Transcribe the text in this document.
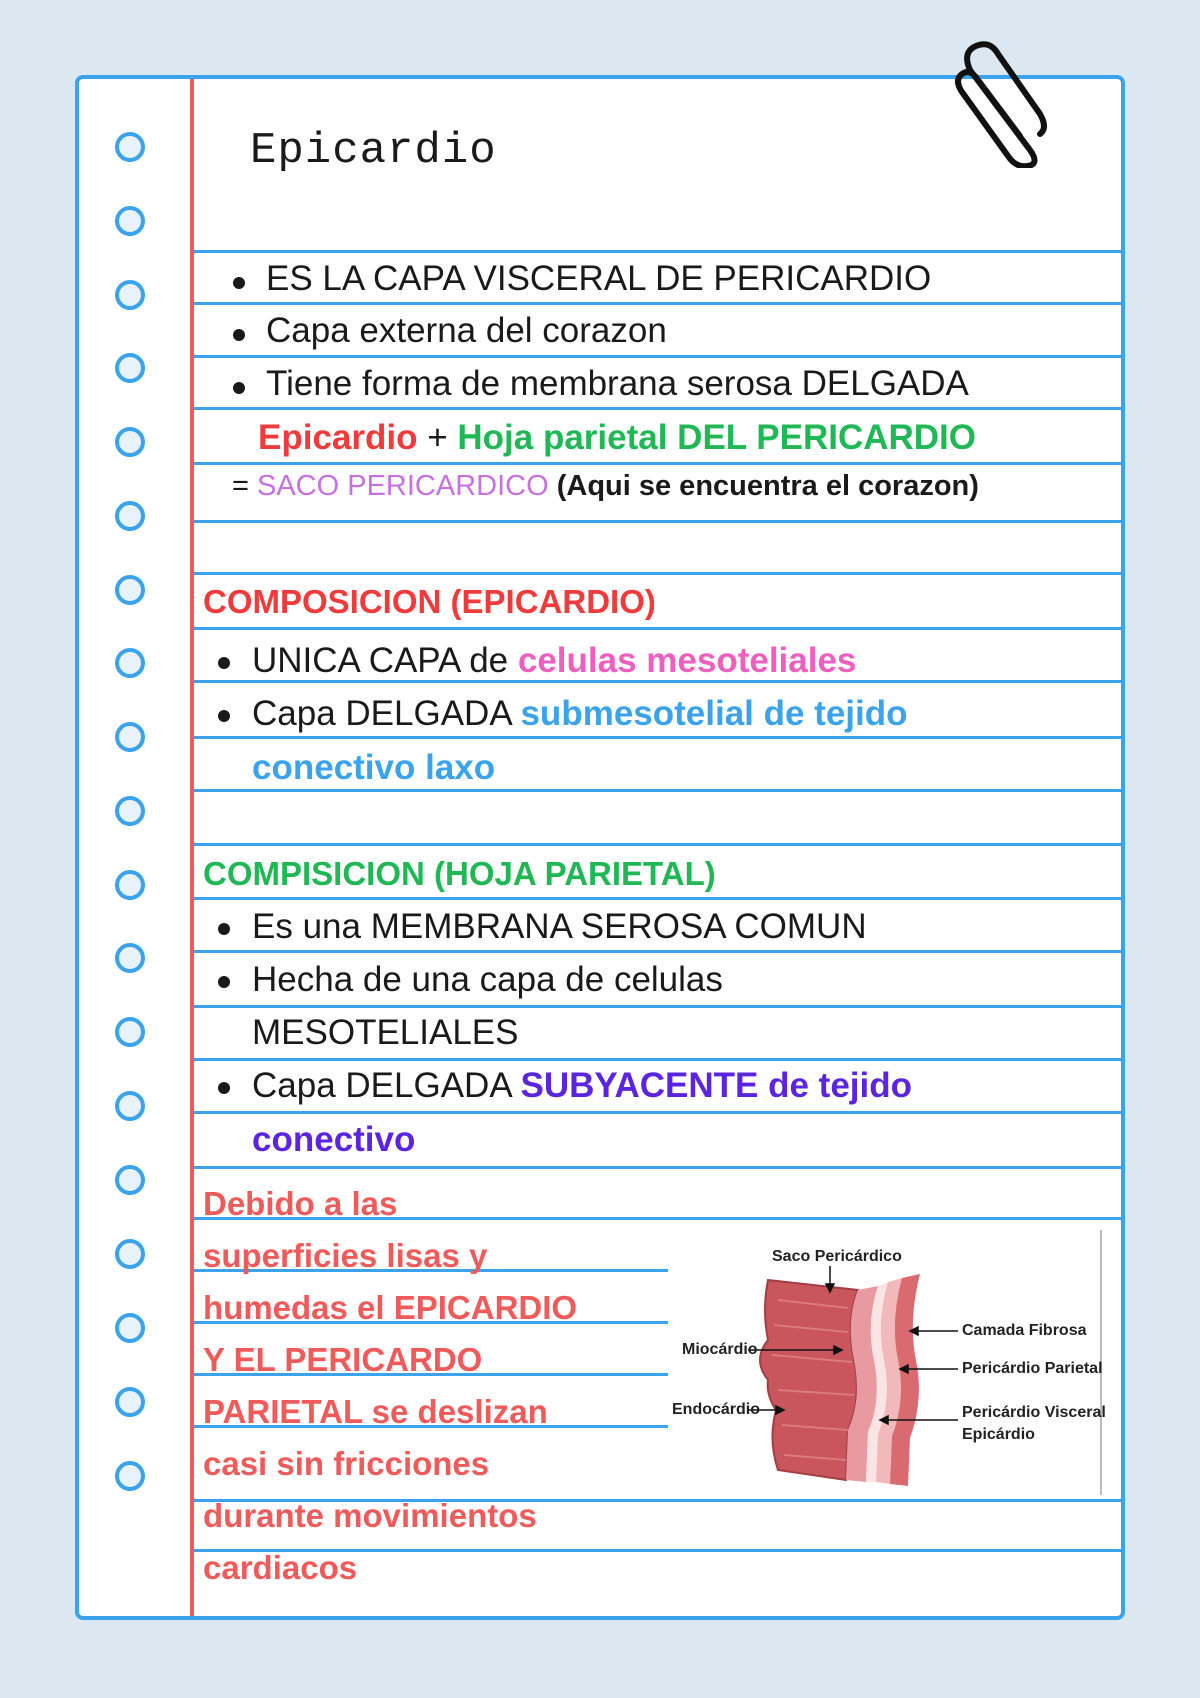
Epicardio
ES LA CAPA VISCERAL DE PERICARDIO
Capa externa del corazon
Tiene forma de membrana serosa DELGADA
Epicardio + Hoja parietal DEL PERICARDIO
= SACO PERICARDICO (Aqui se encuentra el corazon)
COMPOSICION (EPICARDIO)
UNICA CAPA de celulas mesoteliales
Capa DELGADA submesotelial de tejido
conectivo laxo
COMPISICION (HOJA PARIETAL)
Es una MEMBRANA SEROSA COMUN
Hecha de una capa de celulas
MESOTELIALES
Capa DELGADA SUBYACENTE de tejido
conectivo
Debido a las
superficies lisas y
humedas el EPICARDIO
Y EL PERICARDO
PARIETAL se deslizan
casi sin fricciones
durante movimientos
cardiacos
Saco Pericárdico
Camada Fibrosa
Pericárdio Parietal
Pericárdio Visceral
Epicárdio
Miocárdio
Endocárdio
